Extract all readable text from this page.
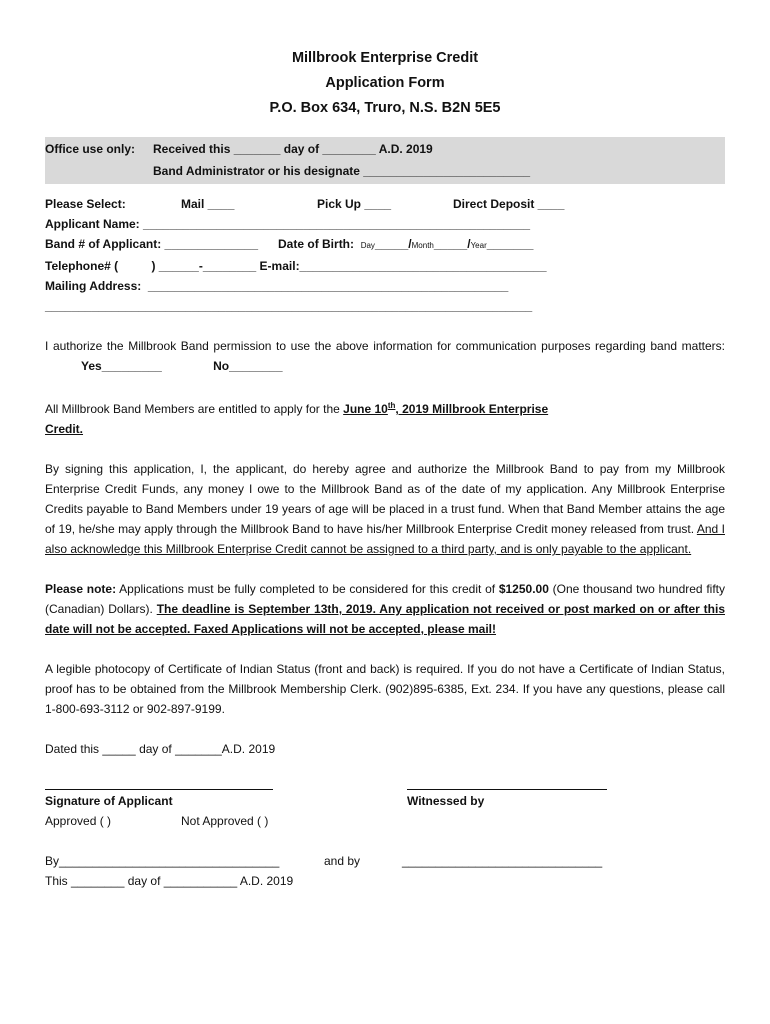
Millbrook Enterprise Credit
Application Form
P.O. Box 634, Truro, N.S. B2N 5E5
Office use only:	Received this _______ day of ________ A.D. 2019
Band Administrator or his designate _________________________
Please Select:	Mail ____	Pick Up ____	Direct Deposit ____
Applicant Name: __________________________________________________________
Band # of Applicant: ______________ Date of Birth: Day_____/Month_____/Year_______
Telephone# (          ) ______-________ E-mail:_____________________________________
Mailing Address:  ______________________________________________________
_________________________________________________________________________

I authorize the Millbrook Band permission to use the above information for communication purposes regarding band matters: Yes_________	No________

All Millbrook Band Members are entitled to apply for the June 10th, 2019 Millbrook Enterprise
Credit.

By signing this application, I, the applicant, do hereby agree and authorize the Millbrook Band to pay from my Millbrook Enterprise Credit Funds, any money I owe to the Millbrook Band as of the date of my application. Any Millbrook Enterprise Credits payable to Band Members under 19 years of age will be placed in a trust fund. When that Band Member attains the age of 19, he/she may apply through the Millbrook Band to have his/her Millbrook Enterprise Credit money released from trust. And I also acknowledge this Millbrook Enterprise Credit cannot be assigned to a third party, and is only payable to the applicant.

Please note: Applications must be fully completed to be considered for this credit of $1250.00 (One thousand two hundred fifty (Canadian) Dollars). The deadline is September 13th, 2019. Any application not received or post marked on or after this date will not be accepted. Faxed Applications will not be accepted, please mail!

A legible photocopy of Certificate of Indian Status (front and back) is required. If you do not have a Certificate of Indian Status, proof has to be obtained from the Millbrook Membership Clerk. (902)895-6385, Ext. 234. If you have any questions, please call 1-800-693-3112 or 902-897-9199.

Dated this _____ day of _______A.D. 2019

Signature of Applicant	Witnessed by
Approved ( )	Not Approved ( )
By_________________________________	and by	______________________________
This ________ day of ___________ A.D. 2019
